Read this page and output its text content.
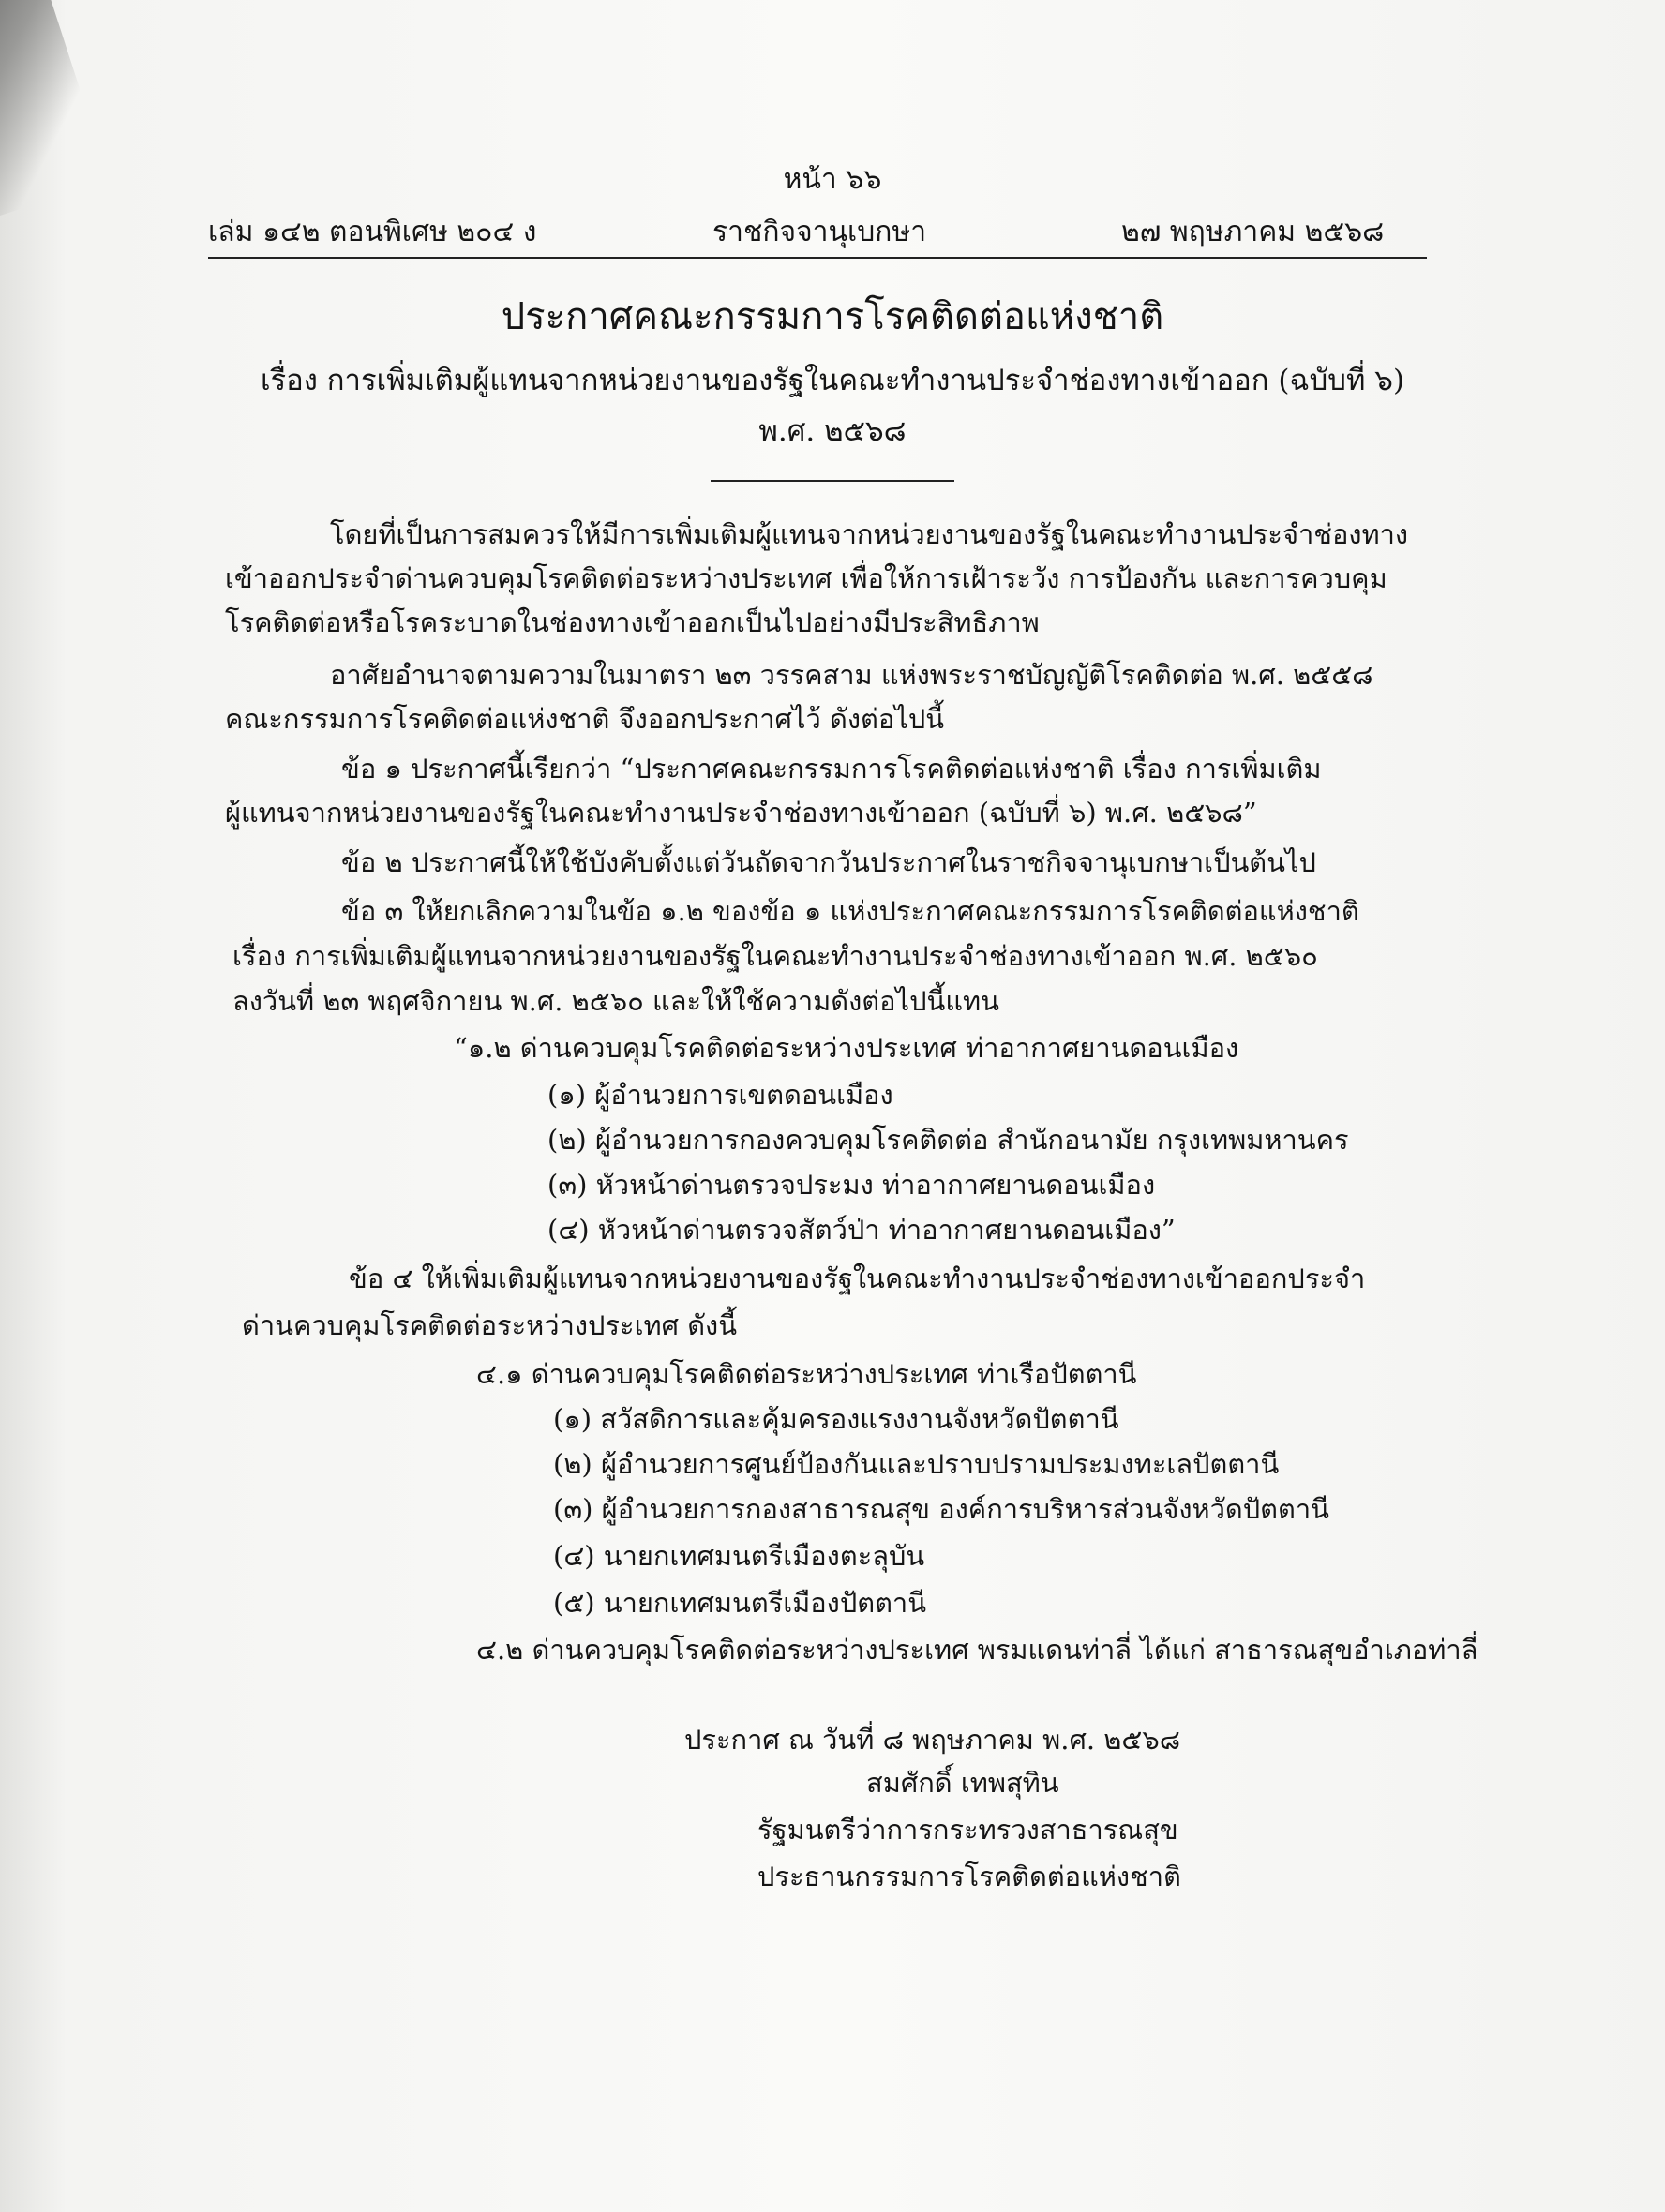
หน้า ๖๖
เล่ม ๑๔๒ ตอนพิเศษ ๒๐๔ ง	ราชกิจจานุเบกษา	๒๗ พฤษภาคม ๒๕๖๘
ประกาศคณะกรรมการโรคติดต่อแห่งชาติ
เรื่อง การเพิ่มเติมผู้แทนจากหน่วยงานของรัฐในคณะทำงานประจำช่องทางเข้าออก (ฉบับที่ ๖)
พ.ศ. ๒๕๖๘
โดยที่เป็นการสมควรให้มีการเพิ่มเติมผู้แทนจากหน่วยงานของรัฐในคณะทำงานประจำช่องทาง
เข้าออกประจำด่านควบคุมโรคติดต่อระหว่างประเทศ เพื่อให้การเฝ้าระวัง การป้องกัน และการควบคุม
โรคติดต่อหรือโรคระบาดในช่องทางเข้าออกเป็นไปอย่างมีประสิทธิภาพ
อาศัยอำนาจตามความในมาตรา ๒๓ วรรคสาม แห่งพระราชบัญญัติโรคติดต่อ พ.ศ. ๒๕๕๘
คณะกรรมการโรคติดต่อแห่งชาติ จึงออกประกาศไว้ ดังต่อไปนี้
ข้อ ๑ ประกาศนี้เรียกว่า “ประกาศคณะกรรมการโรคติดต่อแห่งชาติ เรื่อง การเพิ่มเติม
ผู้แทนจากหน่วยงานของรัฐในคณะทำงานประจำช่องทางเข้าออก (ฉบับที่ ๖) พ.ศ. ๒๕๖๘”
ข้อ ๒ ประกาศนี้ให้ใช้บังคับตั้งแต่วันถัดจากวันประกาศในราชกิจจานุเบกษาเป็นต้นไป
ข้อ ๓ ให้ยกเลิกความในข้อ ๑.๒ ของข้อ ๑ แห่งประกาศคณะกรรมการโรคติดต่อแห่งชาติ
เรื่อง การเพิ่มเติมผู้แทนจากหน่วยงานของรัฐในคณะทำงานประจำช่องทางเข้าออก พ.ศ. ๒๕๖๐
ลงวันที่ ๒๓ พฤศจิกายน พ.ศ. ๒๕๖๐ และให้ใช้ความดังต่อไปนี้แทน
“๑.๒ ด่านควบคุมโรคติดต่อระหว่างประเทศ ท่าอากาศยานดอนเมือง
(๑) ผู้อำนวยการเขตดอนเมือง
(๒) ผู้อำนวยการกองควบคุมโรคติดต่อ สำนักอนามัย กรุงเทพมหานคร
(๓) หัวหน้าด่านตรวจประมง ท่าอากาศยานดอนเมือง
(๔) หัวหน้าด่านตรวจสัตว์ป่า ท่าอากาศยานดอนเมือง”
ข้อ ๔ ให้เพิ่มเติมผู้แทนจากหน่วยงานของรัฐในคณะทำงานประจำช่องทางเข้าออกประจำ
ด่านควบคุมโรคติดต่อระหว่างประเทศ ดังนี้
๔.๑ ด่านควบคุมโรคติดต่อระหว่างประเทศ ท่าเรือปัตตานี
(๑) สวัสดิการและคุ้มครองแรงงานจังหวัดปัตตานี
(๒) ผู้อำนวยการศูนย์ป้องกันและปราบปรามประมงทะเลปัตตานี
(๓) ผู้อำนวยการกองสาธารณสุข องค์การบริหารส่วนจังหวัดปัตตานี
(๔) นายกเทศมนตรีเมืองตะลุบัน
(๕) นายกเทศมนตรีเมืองปัตตานี
๔.๒ ด่านควบคุมโรคติดต่อระหว่างประเทศ พรมแดนท่าลี่ ได้แก่ สาธารณสุขอำเภอท่าลี่
ประกาศ ณ วันที่ ๘ พฤษภาคม พ.ศ. ๒๕๖๘
สมศักดิ์ เทพสุทิน
รัฐมนตรีว่าการกระทรวงสาธารณสุข
ประธานกรรมการโรคติดต่อแห่งชาติ
